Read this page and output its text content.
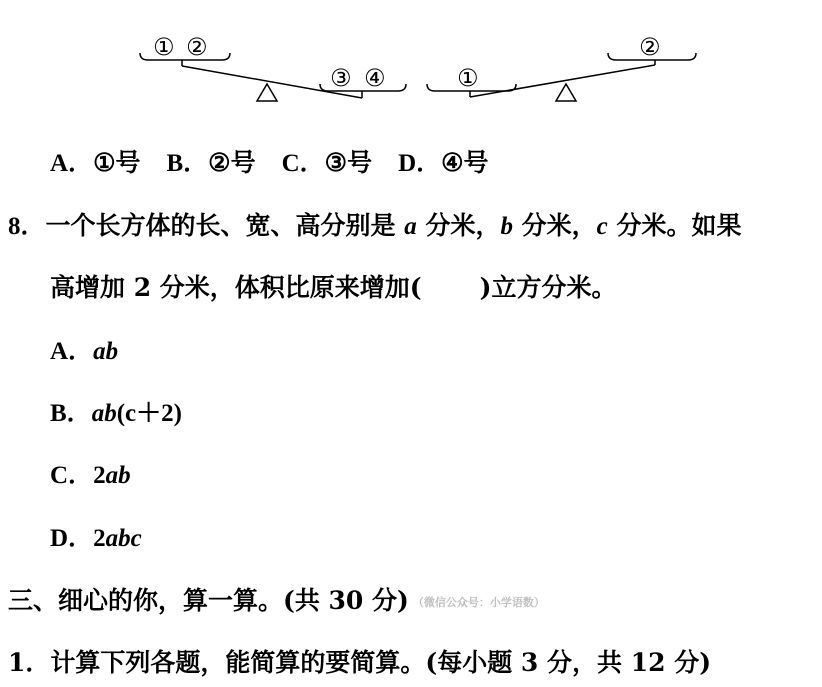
① ②
③ ④	①
②
A．①号 B．②号 C．③号 D．④号
8．一个长方体的长、宽、高分别是 a 分米，b 分米，c 分米。如果
高增加 2 分米，体积比原来增加( )立方分米。
A．ab
B．ab(c＋2)
C．2ab
D．2abc
三、细心的你，算一算。(共 30 分) （微信公众号：小学语数）
1．计算下列各题，能简算的要简算。(每小题 3 分，共 12 分)
